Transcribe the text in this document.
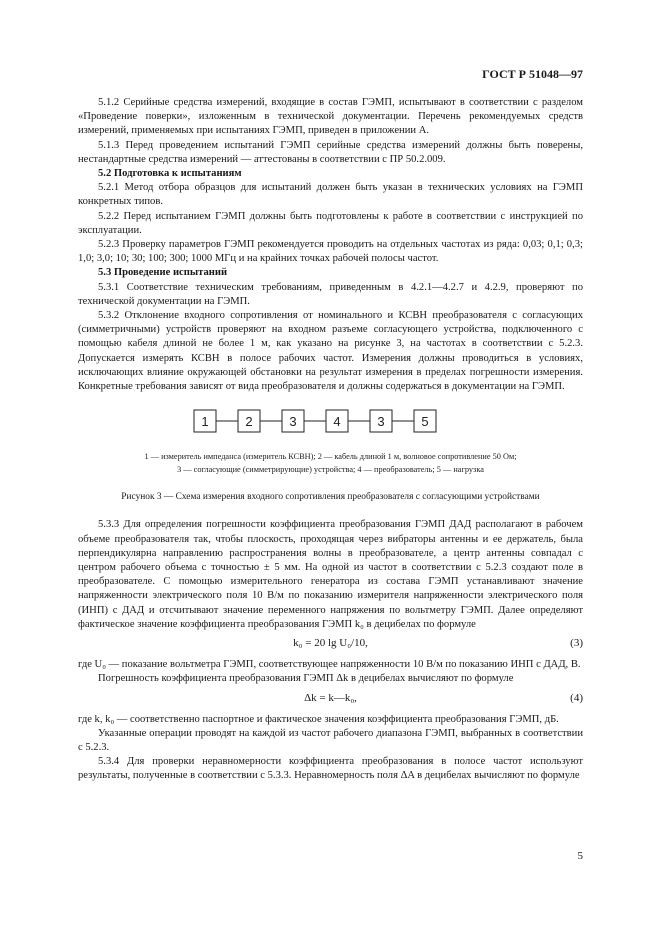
ГОСТ Р 51048—97

5.1.2 Серийные средства измерений, входящие в состав ГЭМП, испытывают в соответствии с разделом «Проведение поверки», изложенным в технической документации. Перечень рекомендуемых средств измерений, применяемых при испытаниях ГЭМП, приведен в приложении А.

5.1.3 Перед проведением испытаний ГЭМП серийные средства измерений должны быть поверены, нестандартные средства измерений — аттестованы в соответствии с ПР 50.2.009.

5.2 Подготовка к испытаниям

5.2.1 Метод отбора образцов для испытаний должен быть указан в технических условиях на ГЭМП конкретных типов.

5.2.2 Перед испытанием ГЭМП должны быть подготовлены к работе в соответствии с инструкцией по эксплуатации.

5.2.3 Проверку параметров ГЭМП рекомендуется проводить на отдельных частотах из ряда: 0,03; 0,1; 0,3; 1,0; 3,0; 10; 30; 100; 300; 1000 МГц и на крайних точках рабочей полосы частот.

5.3 Проведение испытаний

5.3.1 Соответствие техническим требованиям, приведенным в 4.2.1—4.2.7 и 4.2.9, проверяют по технической документации на ГЭМП.

5.3.2 Отклонение входного сопротивления от номинального и КСВН преобразователя с согласующих (симметричными) устройств проверяют на входном разъеме согласующего устройства, подключенного с помощью кабеля длиной не более 1 м, как указано на рисунке 3, на частотах в соответствии с 5.2.3. Допускается измерять КСВН в полосе рабочих частот. Измерения должны проводиться в условиях, исключающих влияние окружающей обстановки на результат измерения в пределах погрешности измерения. Конкретные требования зависят от вида преобразователя и должны содержаться в документации на ГЭМП.

1	2	3	4	3	5
1 — измеритель импеданса (измеритель КСВН); 2 — кабель длиной 1 м, волновое сопротивление 50 Ом;
3 — согласующие (симметрирующие) устройства; 4 — преобразователь; 5 — нагрузка
Рисунок 3 — Схема измерения входного сопротивления преобразователя с согласующими устройствами

5.3.3 Для определения погрешности коэффициента преобразования ГЭМП ДАД располагают в рабочем объеме преобразователя так, чтобы плоскость, проходящая через вибраторы антенны и ее держатель, была перпендикулярна направлению распространения волны в преобразователе, а центр антенны совпадал с центром рабочего объема с точностью ± 5 мм. На одной из частот в соответствии с 5.2.3 создают поле в преобразователе. С помощью измерительного генератора из состава ГЭМП устанавливают значение напряженности электрического поля 10 В/м по показанию измерителя напряженности электрического поля (ИНП) с ДАД и отсчитывают значение переменного напряжения по вольтметру ГЭМП. Далее определяют фактическое значение коэффициента преобразования ГЭМП k₀ в децибелах по формуле

k₀ = 20 lg U₀/10,	(3)

где U₀ — показание вольтметра ГЭМП, соответствующее напряженности 10 В/м по показанию ИНП с ДАД, В.

Погрешность коэффициента преобразования ГЭМП Δk в децибелах вычисляют по формуле

Δk = k—k₀,	(4)

где k, k₀ — соответственно паспортное и фактическое значения коэффициента преобразования ГЭМП, дБ.

Указанные операции проводят на каждой из частот рабочего диапазона ГЭМП, выбранных в соответствии с 5.2.3.

5.3.4 Для проверки неравномерности коэффициента преобразования в полосе частот используют результаты, полученные в соответствии с 5.3.3. Неравномерность поля ΔA в децибелах вычисляют по формуле

5
